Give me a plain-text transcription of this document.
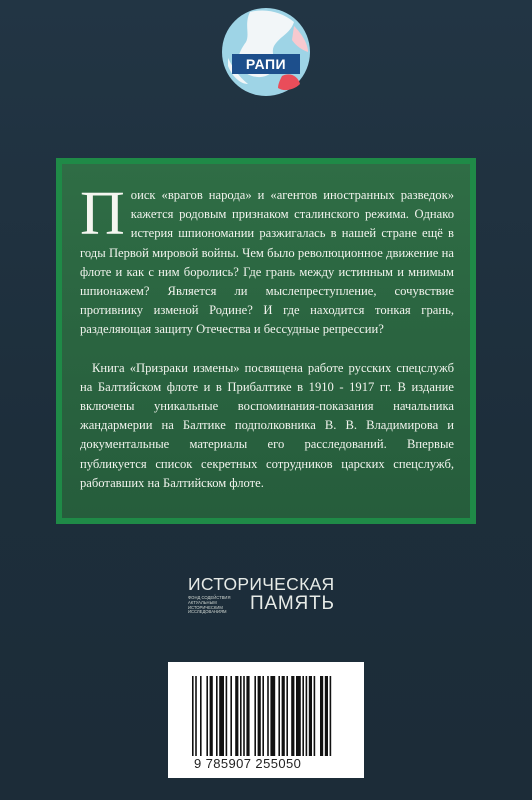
РАПИ

Поиск «врагов народа» и «агентов иностранных разведок» кажется родовым признаком сталинского режима. Однако истерия шпиономании разжигалась в нашей стране ещё в годы Первой мировой войны. Чем было революционное движение на флоте и как с ним боролись? Где грань между истинным и мнимым шпионажем? Является ли мыслепреступление, сочувствие противнику изменой Родине? И где находится тонкая грань, разделяющая защиту Отечества и бессудные репрессии?

Книга «Призраки измены» посвящена работе русских спецслужб на Балтийском флоте и в Прибалтике в 1910 - 1917 гг. В издание включены уникальные воспоминания-показания начальника жандармерии на Балтике подполковника В. В. Владимирова и документальные материалы его расследований. Впервые публикуется список секретных сотрудников царских спецслужб, работавших на Балтийском флоте.

ИСТОРИЧЕСКАЯ
ФОНД СОДЕЙСТВИЯ АКТУАЛЬНЫМ ИСТОРИЧЕСКИМ ИССЛЕДОВАНИЯМ	ПАМЯТЬ
9 785907 255050
